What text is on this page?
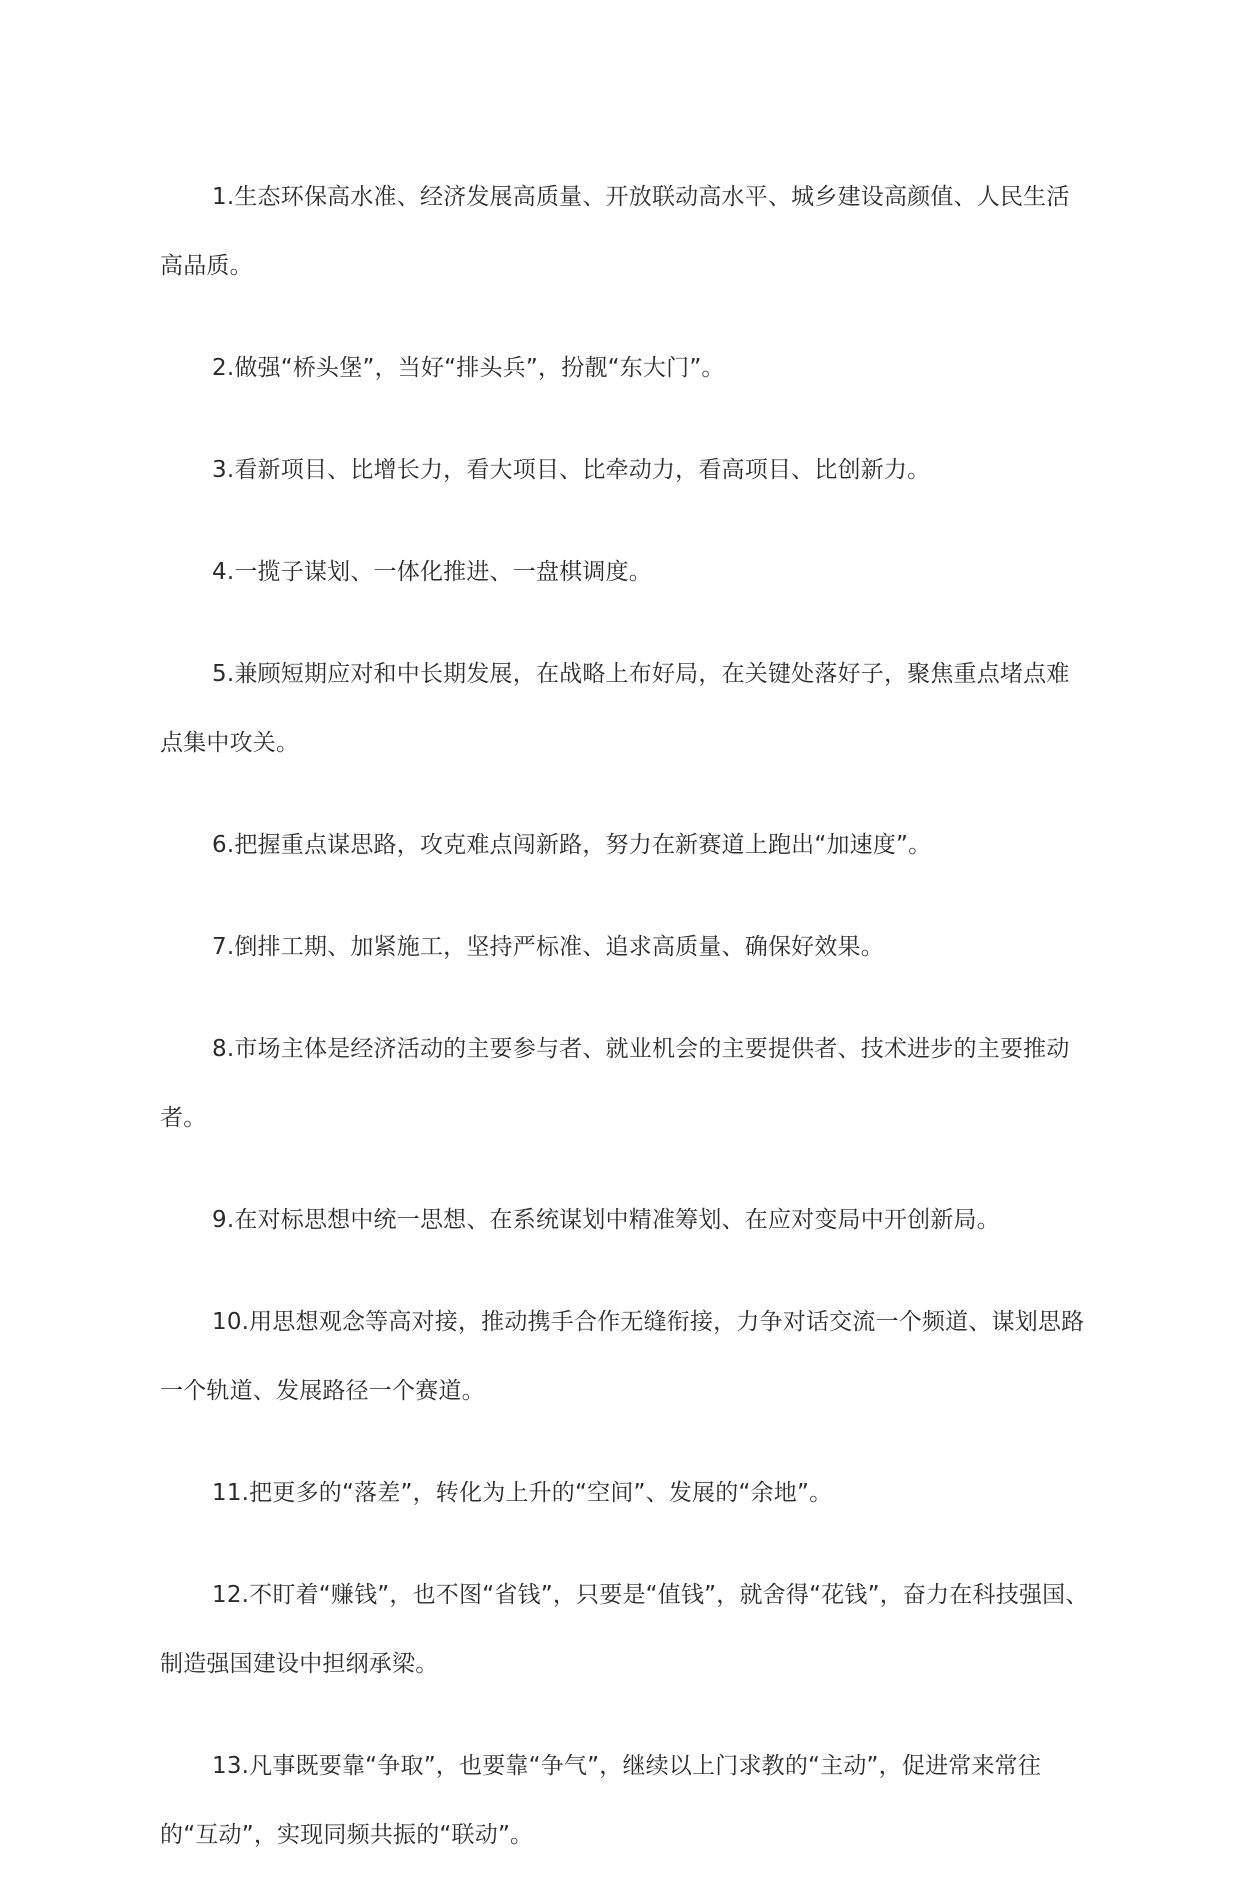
1.生态环保高水准、经济发展高质量、开放联动高水平、城乡建设高颜值、人民生活高品质。

2.做强“桥头堡”，当好“排头兵”，扮靓“东大门”。

3.看新项目、比增长力，看大项目、比牵动力，看高项目、比创新力。

4.一揽子谋划、一体化推进、一盘棋调度。

5.兼顾短期应对和中长期发展，在战略上布好局，在关键处落好子，聚焦重点堵点难点集中攻关。

6.把握重点谋思路，攻克难点闯新路，努力在新赛道上跑出“加速度”。

7.倒排工期、加紧施工，坚持严标准、追求高质量、确保好效果。

8.市场主体是经济活动的主要参与者、就业机会的主要提供者、技术进步的主要推动者。

9.在对标思想中统一思想、在系统谋划中精准筹划、在应对变局中开创新局。

10.用思想观念等高对接，推动携手合作无缝衔接，力争对话交流一个频道、谋划思路一个轨道、发展路径一个赛道。

11.把更多的“落差”，转化为上升的“空间”、发展的“余地”。

12.不盯着“赚钱”，也不图“省钱”，只要是“值钱”，就舍得“花钱”，奋力在科技强国、制造强国建设中担纲承梁。

13.凡事既要靠“争取”，也要靠“争气”，继续以上门求教的“主动”，促进常来常往的“互动”，实现同频共振的“联动”。
